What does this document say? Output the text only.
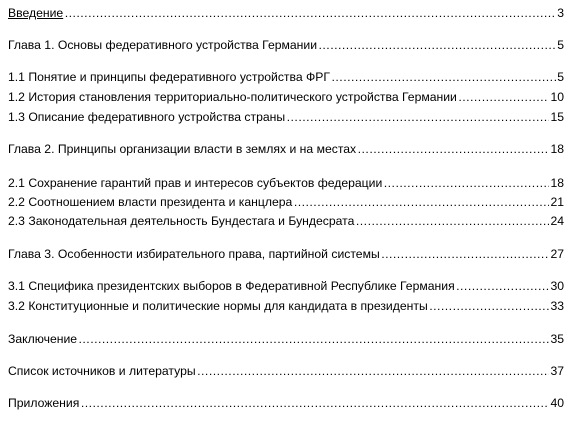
Введение ……………………………………………………………………………………………………………………………………………………………………………………………………………………………………………………	3
Глава 1. Основы федеративного устройства Германии ……………………………………………………………………………………………………………………………………………………………………………………………………………………………………………………	5
1.1 Понятие и принципы федеративного устройства ФРГ ……………………………………………………………………………………………………………………………………………………………………………………………………………………………………………………	5
1.2 История становления территориально-политического устройства Германии ……………………………………………………………………………………………………………………………………………………………………………………………………………………………………………………	10
1.3 Описание федеративного устройства страны ……………………………………………………………………………………………………………………………………………………………………………………………………………………………………………………	15
Глава 2. Принципы организации власти в землях и на местах ……………………………………………………………………………………………………………………………………………………………………………………………………………………………………………………	18
2.1 Сохранение гарантий прав и интересов субъектов федерации ……………………………………………………………………………………………………………………………………………………………………………………………………………………………………………………	18
2.2 Соотношением власти президента и канцлера ……………………………………………………………………………………………………………………………………………………………………………………………………………………………………………………	21
2.3 Законодательная деятельность Бундестага и Бундесрата ……………………………………………………………………………………………………………………………………………………………………………………………………………………………………………………	24
Глава 3. Особенности избирательного права, партийной системы ……………………………………………………………………………………………………………………………………………………………………………………………………………………………………………………	27
3.1 Специфика президентских выборов в Федеративной Республике Германия ……………………………………………………………………………………………………………………………………………………………………………………………………………………………………………………	30
3.2 Конституционные и политические нормы для кандидата в президенты ……………………………………………………………………………………………………………………………………………………………………………………………………………………………………………………	33
Заключение ……………………………………………………………………………………………………………………………………………………………………………………………………………………………………………………	35
Список источников и литературы ……………………………………………………………………………………………………………………………………………………………………………………………………………………………………………………	37
Приложения ……………………………………………………………………………………………………………………………………………………………………………………………………………………………………………………	40
